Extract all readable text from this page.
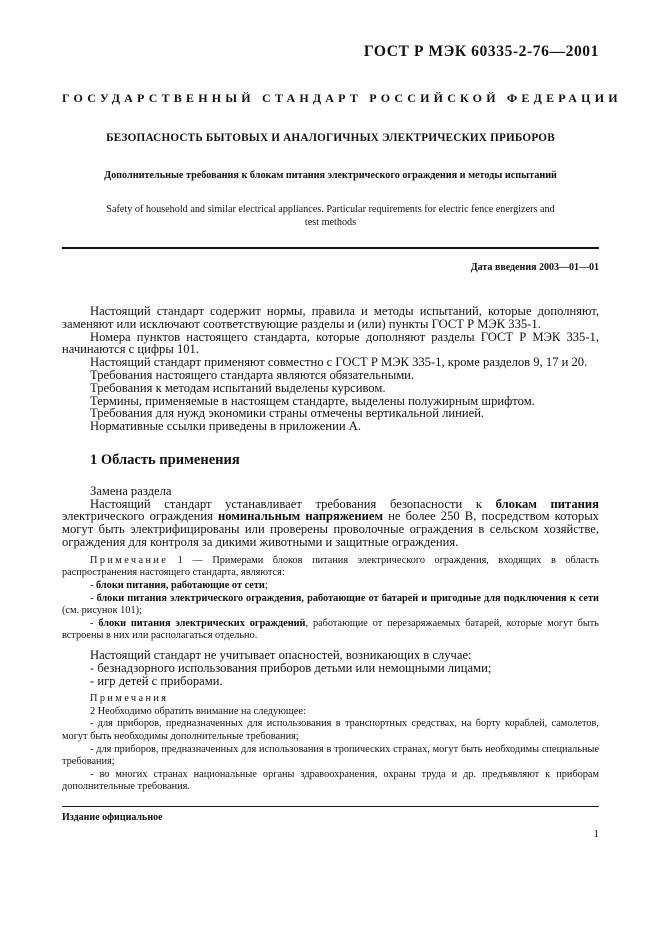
ГОСТ Р МЭК 60335-2-76—2001
ГОСУДАРСТВЕННЫЙ СТАНДАРТ РОССИЙСКОЙ ФЕДЕРАЦИИ
БЕЗОПАСНОСТЬ БЫТОВЫХ И АНАЛОГИЧНЫХ ЭЛЕКТРИЧЕСКИХ ПРИБОРОВ
Дополнительные требования к блокам питания электрического ограждения и методы испытаний
Safety of household and similar electrical appliances. Particular requirements for electric fence energizers and test methods
Дата введения 2003—01—01

Настоящий стандарт содержит нормы, правила и методы испытаний, которые дополняют, заменяют или исключают соответствующие разделы и (или) пункты ГОСТ Р МЭК 335-1.

Номера пунктов настоящего стандарта, которые дополняют разделы ГОСТ Р МЭК 335-1, начинаются с цифры 101.

Настоящий стандарт применяют совместно с ГОСТ Р МЭК 335-1, кроме разделов 9, 17 и 20.

Требования настоящего стандарта являются обязательными.

Требования к методам испытаний выделены курсивом.

Термины, применяемые в настоящем стандарте, выделены полужирным шрифтом.

Требования для нужд экономики страны отмечены вертикальной линией.

Нормативные ссылки приведены в приложении А.

1 Область применения

Замена раздела

Настоящий стандарт устанавливает требования безопасности к блокам питания электрического ограждения номинальным напряжением не более 250 В, посредством которых могут быть электрифицированы или проверены проволочные ограждения в сельском хозяйстве, ограждения для контроля за дикими животными и защитные ограждения.

Примечание 1 — Примерами блоков питания электрического ограждения, входящих в область распространения настоящего стандарта, являются:

- блоки питания, работающие от сети;

- блоки питания электрического ограждения, работающие от батарей и пригодные для подключения к сети (см. рисунок 101);

- блоки питания электрических ограждений, работающие от перезаряжаемых батарей, которые могут быть встроены в них или располагаться отдельно.

Настоящий стандарт не учитывает опасностей, возникающих в случае:

- безнадзорного использования приборов детьми или немощными лицами;

- игр детей с приборами.

Примечания

2 Необходимо обратить внимание на следующее:

- для приборов, предназначенных для использования в транспортных средствах, на борту кораблей, самолетов, могут быть необходимы дополнительные требования;

- для приборов, предназначенных для использования в тропических странах, могут быть необходимы специальные требования;

- во многих странах национальные органы здравоохранения, охраны труда и др. предъявляют к приборам дополнительные требования.

Издание официальное
1
